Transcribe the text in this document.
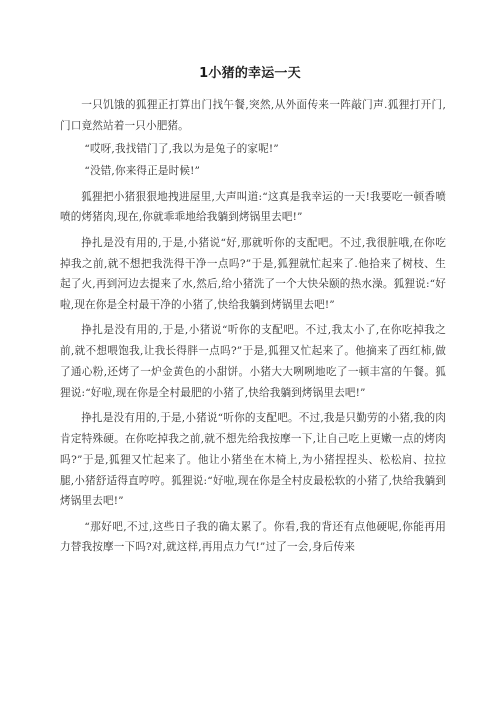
1小猪的幸运一天

一只饥饿的狐狸正打算出门找午餐,突然,从外面传来一阵敲门声.狐狸打开门,门口竟然站着一只小肥猪。

“哎呀,我找错门了,我以为是兔子的家呢!”

“没错,你来得正是时候!”

狐狸把小猪狠狠地拽进屋里,大声叫道:“这真是我幸运的一天!我要吃一顿香喷喷的烤猪肉,现在,你就乖乖地给我躺到烤锅里去吧!”

挣扎是没有用的,于是,小猪说“好,那就听你的支配吧。不过,我很脏哦,在你吃掉我之前,就不想把我洗得干净一点吗?”于是,狐狸就忙起来了.他拾来了树枝、生起了火,再到河边去提来了水,然后,给小猪洗了一个大快朵颐的热水澡。狐狸说:“好啦,现在你是全村最干净的小猪了,快给我躺到烤锅里去吧!”

挣扎是没有用的,于是,小猪说“听你的支配吧。不过,我太小了,在你吃掉我之前,就不想喂饱我,让我长得胖一点吗?”于是,狐狸又忙起来了。他摘来了西红柿,做了通心粉,还烤了一炉金黄色的小甜饼。小猪大大咧咧地吃了一顿丰富的午餐。狐狸说:“好啦,现在你是全村最肥的小猪了,快给我躺到烤锅里去吧!”

挣扎是没有用的,于是,小猪说“听你的支配吧。不过,我是只勤劳的小猪,我的肉肯定特殊硬。在你吃掉我之前,就不想先给我按摩一下,让自己吃上更嫩一点的烤肉吗?”于是,狐狸又忙起来了。他让小猪坐在木椅上,为小猪捏捏头、松松肩、拉拉腿,小猪舒适得直哼哼。狐狸说:“好啦,现在你是全村皮最松软的小猪了,快给我躺到烤锅里去吧!”

“那好吧,不过,这些日子我的确太累了。你看,我的背还有点他硬呢,你能再用力替我按摩一下吗?对,就这样,再用点力气!”过了一会,身后传来
